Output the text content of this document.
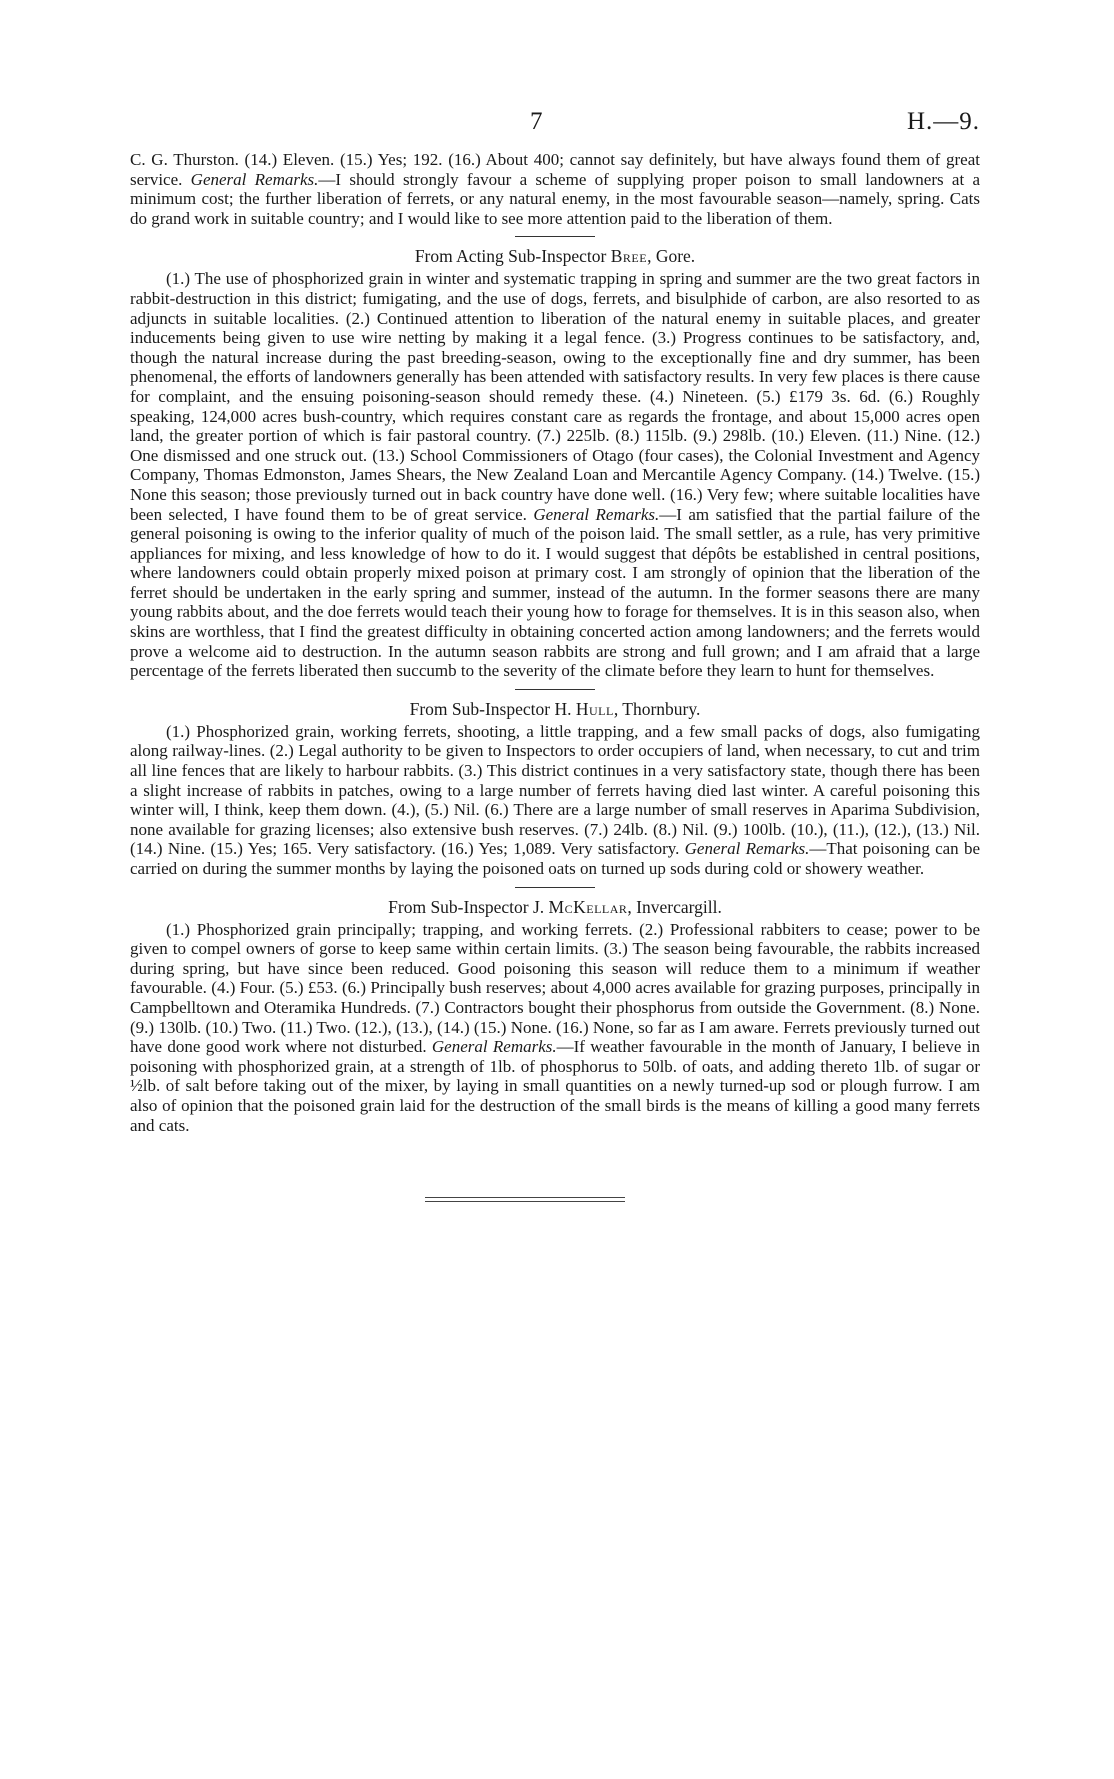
7	H.—9.

C. G. Thurston. (14.) Eleven. (15.) Yes; 192. (16.) About 400; cannot say definitely, but have always found them of great service. General Remarks.—I should strongly favour a scheme of supplying proper poison to small landowners at a minimum cost; the further liberation of ferrets, or any natural enemy, in the most favourable season—namely, spring. Cats do grand work in suitable country; and I would like to see more attention paid to the liberation of them.

From Acting Sub-Inspector Bree, Gore.

(1.) The use of phosphorized grain in winter and systematic trapping in spring and summer are the two great factors in rabbit-destruction in this district; fumigating, and the use of dogs, ferrets, and bisulphide of carbon, are also resorted to as adjuncts in suitable localities. (2.) Continued attention to liberation of the natural enemy in suitable places, and greater inducements being given to use wire netting by making it a legal fence. (3.) Progress continues to be satisfactory, and, though the natural increase during the past breeding-season, owing to the exceptionally fine and dry summer, has been phenomenal, the efforts of landowners generally has been attended with satisfactory results. In very few places is there cause for complaint, and the ensuing poisoning-season should remedy these. (4.) Nineteen. (5.) £179 3s. 6d. (6.) Roughly speaking, 124,000 acres bush-country, which requires constant care as regards the frontage, and about 15,000 acres open land, the greater portion of which is fair pastoral country. (7.) 225lb. (8.) 115lb. (9.) 298lb. (10.) Eleven. (11.) Nine. (12.) One dismissed and one struck out. (13.) School Commissioners of Otago (four cases), the Colonial Investment and Agency Company, Thomas Edmonston, James Shears, the New Zealand Loan and Mercantile Agency Company. (14.) Twelve. (15.) None this season; those previously turned out in back country have done well. (16.) Very few; where suitable localities have been selected, I have found them to be of great service. General Remarks.—I am satisfied that the partial failure of the general poisoning is owing to the inferior quality of much of the poison laid. The small settler, as a rule, has very primitive appliances for mixing, and less knowledge of how to do it. I would suggest that dépôts be established in central positions, where landowners could obtain properly mixed poison at primary cost. I am strongly of opinion that the liberation of the ferret should be undertaken in the early spring and summer, instead of the autumn. In the former seasons there are many young rabbits about, and the doe ferrets would teach their young how to forage for themselves. It is in this season also, when skins are worthless, that I find the greatest difficulty in obtaining concerted action among landowners; and the ferrets would prove a welcome aid to destruction. In the autumn season rabbits are strong and full grown; and I am afraid that a large percentage of the ferrets liberated then succumb to the severity of the climate before they learn to hunt for themselves.

From Sub-Inspector H. Hull, Thornbury.

(1.) Phosphorized grain, working ferrets, shooting, a little trapping, and a few small packs of dogs, also fumigating along railway-lines. (2.) Legal authority to be given to Inspectors to order occupiers of land, when necessary, to cut and trim all line fences that are likely to harbour rabbits. (3.) This district continues in a very satisfactory state, though there has been a slight increase of rabbits in patches, owing to a large number of ferrets having died last winter. A careful poisoning this winter will, I think, keep them down. (4.), (5.) Nil. (6.) There are a large number of small reserves in Aparima Subdivision, none available for grazing licenses; also extensive bush reserves. (7.) 24lb. (8.) Nil. (9.) 100lb. (10.), (11.), (12.), (13.) Nil. (14.) Nine. (15.) Yes; 165. Very satisfactory. (16.) Yes; 1,089. Very satisfactory. General Remarks.—That poisoning can be carried on during the summer months by laying the poisoned oats on turned up sods during cold or showery weather.

From Sub-Inspector J. McKellar, Invercargill.

(1.) Phosphorized grain principally; trapping, and working ferrets. (2.) Professional rabbiters to cease; power to be given to compel owners of gorse to keep same within certain limits. (3.) The season being favourable, the rabbits increased during spring, but have since been reduced. Good poisoning this season will reduce them to a minimum if weather favourable. (4.) Four. (5.) £53. (6.) Principally bush reserves; about 4,000 acres available for grazing purposes, principally in Campbelltown and Oteramika Hundreds. (7.) Contractors bought their phosphorus from outside the Government. (8.) None. (9.) 130lb. (10.) Two. (11.) Two. (12.), (13.), (14.) (15.) None. (16.) None, so far as I am aware. Ferrets previously turned out have done good work where not disturbed. General Remarks.—If weather favourable in the month of January, I believe in poisoning with phosphorized grain, at a strength of 1lb. of phosphorus to 50lb. of oats, and adding thereto 1lb. of sugar or ½lb. of salt before taking out of the mixer, by laying in small quantities on a newly turned-up sod or plough furrow. I am also of opinion that the poisoned grain laid for the destruction of the small birds is the means of killing a good many ferrets and cats.
